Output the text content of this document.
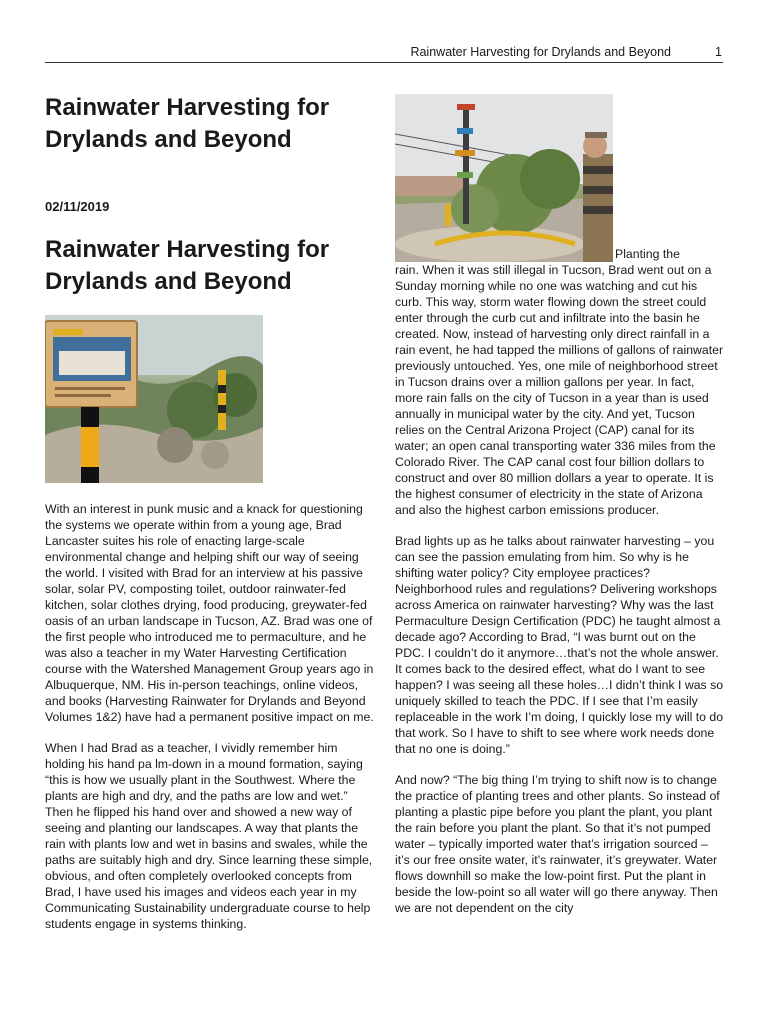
Rainwater Harvesting for Drylands and Beyond	1
Rainwater Harvesting for Drylands and Beyond
02/11/2019
Rainwater Harvesting for Drylands and Beyond

With an interest in punk music and a knack for questioning the systems we operate within from a young age, Brad Lancaster suites his role of enacting large-scale environmental change and helping shift our way of seeing the world. I visited with Brad for an interview at his passive solar, solar PV, composting toilet, outdoor rainwater-fed kitchen, solar clothes drying, food producing, greywater-fed oasis of an urban landscape in Tucson, AZ. Brad was one of the first people who introduced me to permaculture, and he was also a teacher in my Water Harvesting Certification course with the Watershed Management Group years ago in Albuquerque, NM. His in-person teachings, online videos, and books (Harvesting Rainwater for Drylands and Beyond Volumes 1&2) have had a permanent positive impact on me.

When I had Brad as a teacher, I vividly remember him holding his hand pa lm-down in a mound formation, saying “this is how we usually plant in the Southwest. Where the plants are high and dry, and the paths are low and wet.” Then he flipped his hand over and showed a new way of seeing and planting our landscapes. A way that plants the rain with plants low and wet in basins and swales, while the paths are suitably high and dry. Since learning these simple, obvious, and often completely overlooked concepts from Brad, I have used his images and videos each year in my Communicating Sustainability undergraduate course to help students engage in systems thinking.

Planting the

rain. When it was still illegal in Tucson, Brad went out on a Sunday morning while no one was watching and cut his curb. This way, storm water flowing down the street could enter through the curb cut and infiltrate into the basin he created. Now, instead of harvesting only direct rainfall in a rain event, he had tapped the millions of gallons of rainwater previously untouched. Yes, one mile of neighborhood street in Tucson drains over a million gallons per year. In fact, more rain falls on the city of Tucson in a year than is used annually in municipal water by the city. And yet, Tucson relies on the Central Arizona Project (CAP) canal for its water; an open canal transporting water 336 miles from the Colorado River. The CAP canal cost four billion dollars to construct and over 80 million dollars a year to operate. It is the highest consumer of electricity in the state of Arizona and also the highest carbon emissions producer.

Brad lights up as he talks about rainwater harvesting – you can see the passion emulating from him. So why is he shifting water policy? City employee practices? Neighborhood rules and regulations? Delivering workshops across America on rainwater harvesting? Why was the last Permaculture Design Certification (PDC) he taught almost a decade ago? According to Brad, “I was burnt out on the PDC. I couldn’t do it anymore…that’s not the whole answer. It comes back to the desired effect, what do I want to see happen? I was seeing all these holes…I didn’t think I was so uniquely skilled to teach the PDC. If I see that I’m easily replaceable in the work I’m doing, I quickly lose my will to do that work. So I have to shift to see where work needs done that no one is doing.”

And now? “The big thing I’m trying to shift now is to change the practice of planting trees and other plants. So instead of planting a plastic pipe before you plant the plant, you plant the rain before you plant the plant. So that it’s not pumped water – typically imported water that’s irrigation sourced – it’s our free onsite water, it’s rainwater, it’s greywater. Water flows downhill so make the low-point first. Put the plant in beside the low-point so all water will go there anyway. Then we are not dependent on the city
